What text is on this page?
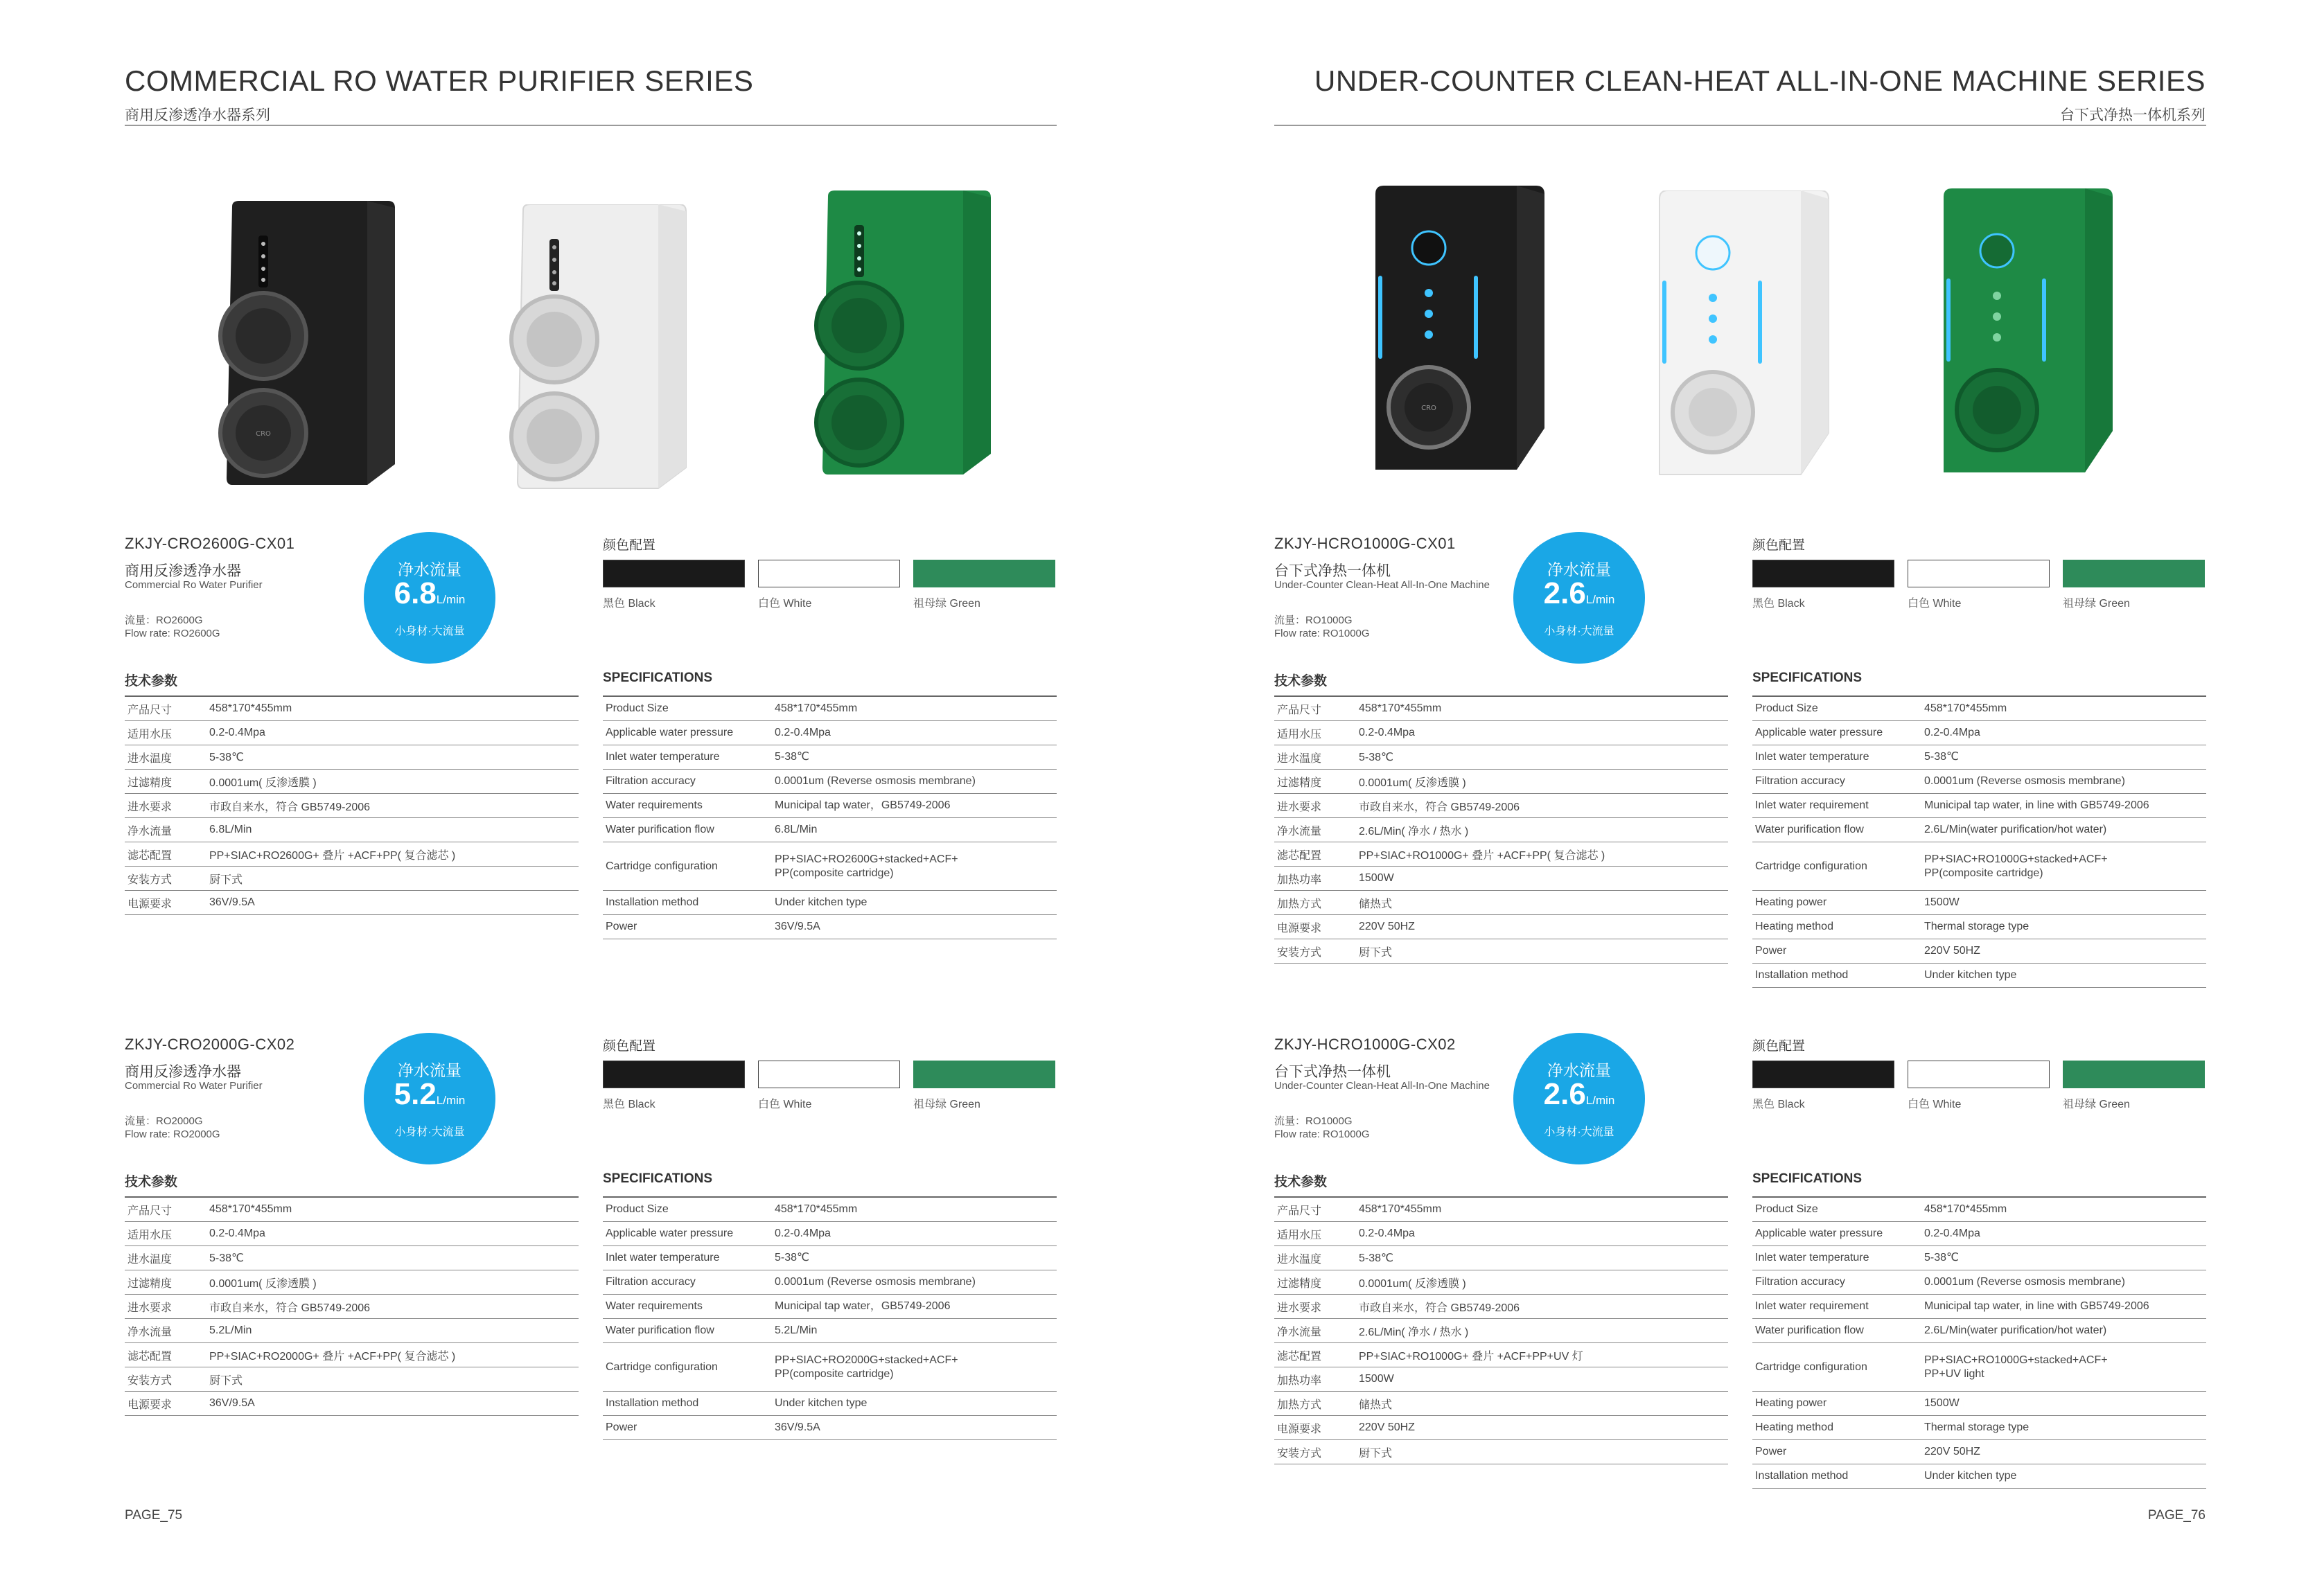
COMMERCIAL RO WATER PURIFIER SERIES
商用反渗透净水器系列
CRO
ZKJY-CRO2600G-CX01
商用反渗透净水器
Commercial Ro Water Purifier
流量：RO2600G
Flow rate: RO2600G
净水流量
6.8L/min
小身材·大流量
颜色配置
黑色 Black	白色 White	祖母绿 Green
技术参数	SPECIFICATIONS
产品尺寸	458*170*455mm
适用水压	0.2-0.4Mpa
进水温度	5-38℃
过滤精度	0.0001um( 反渗透膜 )
进水要求	市政自来水，符合 GB5749-2006
净水流量	6.8L/Min
滤芯配置	PP+SIAC+RO2600G+ 叠片 +ACF+PP( 复合滤芯 )
安装方式	厨下式
电源要求	36V/9.5A
Product Size	458*170*455mm
Applicable water pressure	0.2-0.4Mpa
Inlet water temperature	5-38℃
Filtration accuracy	0.0001um (Reverse osmosis membrane)
Water requirements	Municipal tap water，GB5749-2006
Water purification flow	6.8L/Min
Cartridge configuration
PP+SIAC+RO2600G+stacked+ACF+
PP(composite cartridge)
Installation method	Under kitchen type
Power	36V/9.5A
ZKJY-CRO2000G-CX02
商用反渗透净水器
Commercial Ro Water Purifier
流量：RO2000G
Flow rate: RO2000G
净水流量
5.2L/min
小身材·大流量
颜色配置
黑色 Black	白色 White	祖母绿 Green
技术参数	SPECIFICATIONS
产品尺寸	458*170*455mm
适用水压	0.2-0.4Mpa
进水温度	5-38℃
过滤精度	0.0001um( 反渗透膜 )
进水要求	市政自来水，符合 GB5749-2006
净水流量	5.2L/Min
滤芯配置	PP+SIAC+RO2000G+ 叠片 +ACF+PP( 复合滤芯 )
安装方式	厨下式
电源要求	36V/9.5A
Product Size	458*170*455mm
Applicable water pressure	0.2-0.4Mpa
Inlet water temperature	5-38℃
Filtration accuracy	0.0001um (Reverse osmosis membrane)
Water requirements	Municipal tap water，GB5749-2006
Water purification flow	5.2L/Min
Cartridge configuration
PP+SIAC+RO2000G+stacked+ACF+
PP(composite cartridge)
Installation method	Under kitchen type
Power	36V/9.5A
PAGE_75
UNDER-COUNTER CLEAN-HEAT ALL-IN-ONE MACHINE SERIES
台下式净热一体机系列
CRO
ZKJY-HCRO1000G-CX01
台下式净热一体机
Under-Counter Clean-Heat All-In-One Machine
流量：RO1000G
Flow rate: RO1000G
净水流量
2.6L/min
小身材·大流量
颜色配置
黑色 Black	白色 White	祖母绿 Green
技术参数	SPECIFICATIONS
产品尺寸	458*170*455mm
适用水压	0.2-0.4Mpa
进水温度	5-38℃
过滤精度	0.0001um( 反渗透膜 )
进水要求	市政自来水，符合 GB5749-2006
净水流量	2.6L/Min( 净水 / 热水 )
滤芯配置	PP+SIAC+RO1000G+ 叠片 +ACF+PP( 复合滤芯 )
加热功率	1500W
加热方式	储热式
电源要求	220V 50HZ
安装方式	厨下式
Product Size	458*170*455mm
Applicable water pressure	0.2-0.4Mpa
Inlet water temperature	5-38℃
Filtration accuracy	0.0001um (Reverse osmosis membrane)
Inlet water requirement	Municipal tap water, in line with GB5749-2006
Water purification flow	2.6L/Min(water purification/hot water)
Cartridge configuration
PP+SIAC+RO1000G+stacked+ACF+
PP(composite cartridge)
Heating power	1500W
Heating method	Thermal storage type
Power	220V 50HZ
Installation method	Under kitchen type
ZKJY-HCRO1000G-CX02
台下式净热一体机
Under-Counter Clean-Heat All-In-One Machine
流量：RO1000G
Flow rate: RO1000G
净水流量
2.6L/min
小身材·大流量
颜色配置
黑色 Black	白色 White	祖母绿 Green
技术参数	SPECIFICATIONS
产品尺寸	458*170*455mm
适用水压	0.2-0.4Mpa
进水温度	5-38℃
过滤精度	0.0001um( 反渗透膜 )
进水要求	市政自来水，符合 GB5749-2006
净水流量	2.6L/Min( 净水 / 热水 )
滤芯配置	PP+SIAC+RO1000G+ 叠片 +ACF+PP+UV 灯
加热功率	1500W
加热方式	储热式
电源要求	220V 50HZ
安装方式	厨下式
Product Size	458*170*455mm
Applicable water pressure	0.2-0.4Mpa
Inlet water temperature	5-38℃
Filtration accuracy	0.0001um (Reverse osmosis membrane)
Inlet water requirement	Municipal tap water, in line with GB5749-2006
Water purification flow	2.6L/Min(water purification/hot water)
Cartridge configuration
PP+SIAC+RO1000G+stacked+ACF+
PP+UV light
Heating power	1500W
Heating method	Thermal storage type
Power	220V 50HZ
Installation method	Under kitchen type
PAGE_76
